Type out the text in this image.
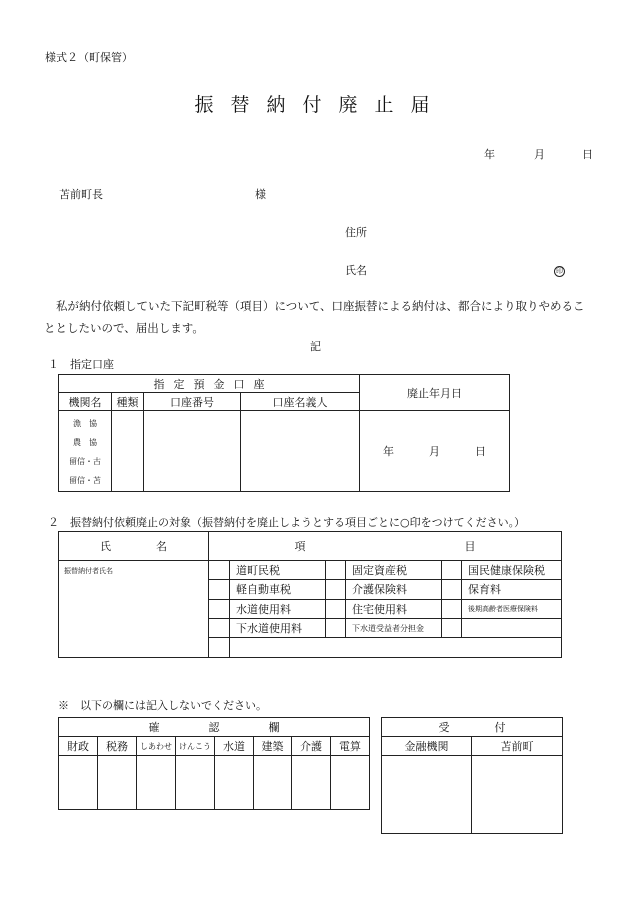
様式２（町保管）
振 替 納 付 廃 止 届
年	月	日
苫前町長	様
住所
氏名	印
私が納付依頼していた下記町税等（項目）について、口座振替による納付は、都合により取りやめることとしたいので、届出します。
記
１　指定口座
指 定 預 金 口 座				廃止年月日
機関名	種類	口座番号	口座名義人	

漁　協
農　協
留信・古
留信・苫				年 月 日
２　振替納付依頼廃止の対象（振替納付を廃止しようとする項目ごとに○印をつけてください。）
氏 名	項 目					
振替納付者氏名		道町民税		固定資産税		国民健康保険税
		軽自動車税		介護保険料		保育料
		水道使用料		住宅使用料		後期高齢者医療保険料
		下水道使用料		下水道受益者分担金		

※　以下の欄には記入しないでください。
確 認 欄							
財政	税務	しあわせ	けんこう	水道	建築	介護	電算

受 付	
金融機関	苫前町
